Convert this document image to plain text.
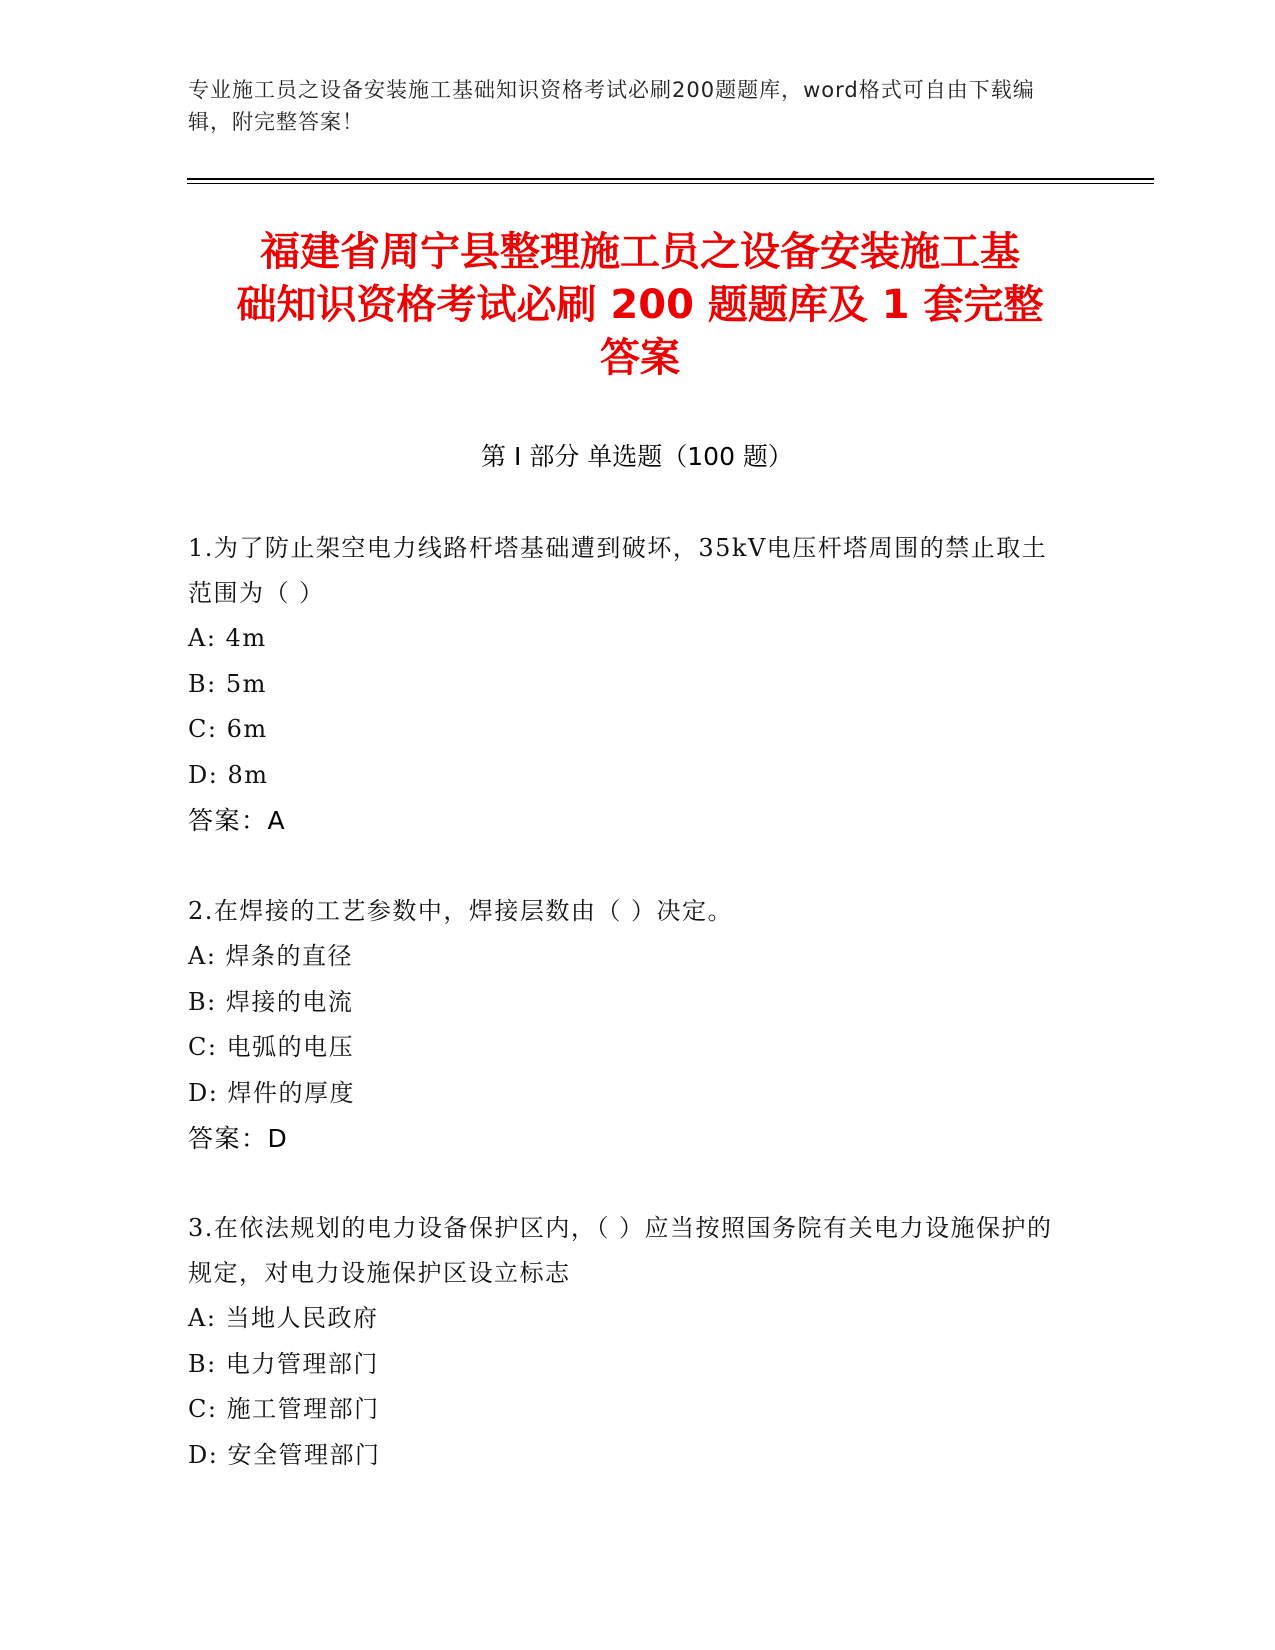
专业施工员之设备安装施工基础知识资格考试必刷200题题库，word格式可自由下载编辑，附完整答案！
福建省周宁县整理施工员之设备安装施工基
础知识资格考试必刷 200 题题库及 1 套完整
答案
第 I 部分 单选题（100 题）

1.为了防止架空电力线路杆塔基础遭到破坏，35kV电压杆塔周围的禁止取土范围为（ ）

A: 4m

B: 5m

C: 6m

D: 8m

答案：A

2.在焊接的工艺参数中，焊接层数由（ ）决定。

A: 焊条的直径

B: 焊接的电流

C: 电弧的电压

D: 焊件的厚度

答案：D

3.在依法规划的电力设备保护区内，（ ）应当按照国务院有关电力设施保护的规定，对电力设施保护区设立标志

A: 当地人民政府

B: 电力管理部门

C: 施工管理部门

D: 安全管理部门
